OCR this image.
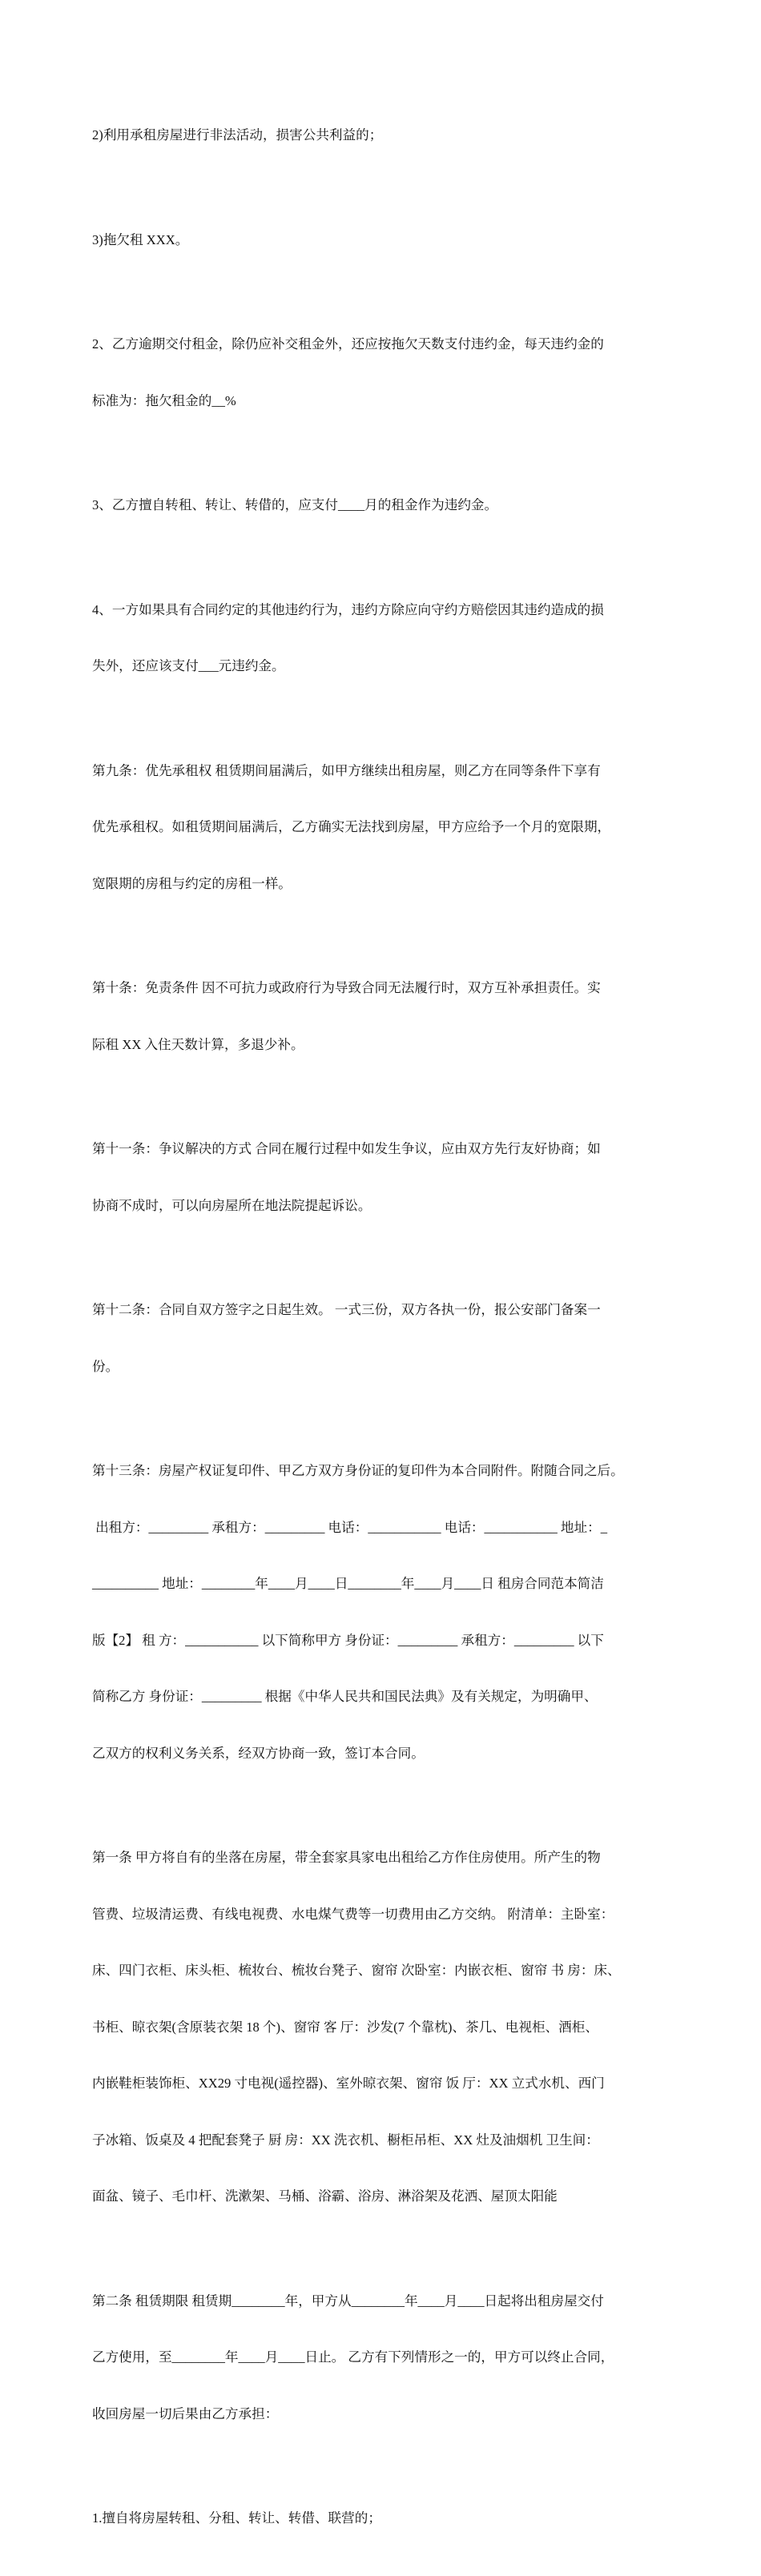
2)利用承租房屋进行非法活动，损害公共利益的；

3)拖欠租 XXX。

2、乙方逾期交付租金，除仍应补交租金外，还应按拖欠天数支付违约金，每天违约金的

标准为：拖欠租金的__%

3、乙方擅自转租、转让、转借的，应支付____月的租金作为违约金。

4、一方如果具有合同约定的其他违约行为，违约方除应向守约方赔偿因其违约造成的损

失外，还应该支付___元违约金。

第九条：优先承租权 租赁期间届满后，如甲方继续出租房屋，则乙方在同等条件下享有

优先承租权。如租赁期间届满后，乙方确实无法找到房屋，甲方应给予一个月的宽限期，

宽限期的房租与约定的房租一样。

第十条：免责条件 因不可抗力或政府行为导致合同无法履行时，双方互补承担责任。实

际租 XX 入住天数计算，多退少补。

第十一条：争议解决的方式 合同在履行过程中如发生争议，应由双方先行友好协商；如

协商不成时，可以向房屋所在地法院提起诉讼。

第十二条：合同自双方签字之日起生效。 一式三份，双方各执一份，报公安部门备案一

份。

第十三条：房屋产权证复印件、甲乙方双方身份证的复印件为本合同附件。附随合同之后。

出租方：_________ 承租方：_________ 电话：___________ 电话：___________ 地址：_

__________ 地址：________年____月____日________年____月____日 租房合同范本简洁

版【2】 租 方：___________ 以下简称甲方 身份证：_________ 承租方：_________ 以下

简称乙方 身份证：_________ 根据《中华人民共和国民法典》及有关规定，为明确甲、

乙双方的权利义务关系，经双方协商一致，签订本合同。

第一条 甲方将自有的坐落在房屋，带全套家具家电出租给乙方作住房使用。所产生的物

管费、垃圾清运费、有线电视费、水电煤气费等一切费用由乙方交纳。 附清单：主卧室：

床、四门衣柜、床头柜、梳妆台、梳妆台凳子、窗帘 次卧室：内嵌衣柜、窗帘 书 房：床、

书柜、晾衣架(含原装衣架 18 个)、窗帘 客 厅：沙发(7 个靠枕)、茶几、电视柜、酒柜、

内嵌鞋柜装饰柜、XX29 寸电视(遥控器)、室外晾衣架、窗帘 饭 厅：XX 立式水机、西门

子冰箱、饭桌及 4 把配套凳子 厨 房：XX 洗衣机、橱柜吊柜、XX 灶及油烟机 卫生间：

面盆、镜子、毛巾杆、洗漱架、马桶、浴霸、浴房、淋浴架及花洒、屋顶太阳能

第二条 租赁期限 租赁期________年，甲方从________年____月____日起将出租房屋交付

乙方使用，至________年____月____日止。 乙方有下列情形之一的，甲方可以终止合同，

收回房屋一切后果由乙方承担：

1.擅自将房屋转租、分租、转让、转借、联营的；
